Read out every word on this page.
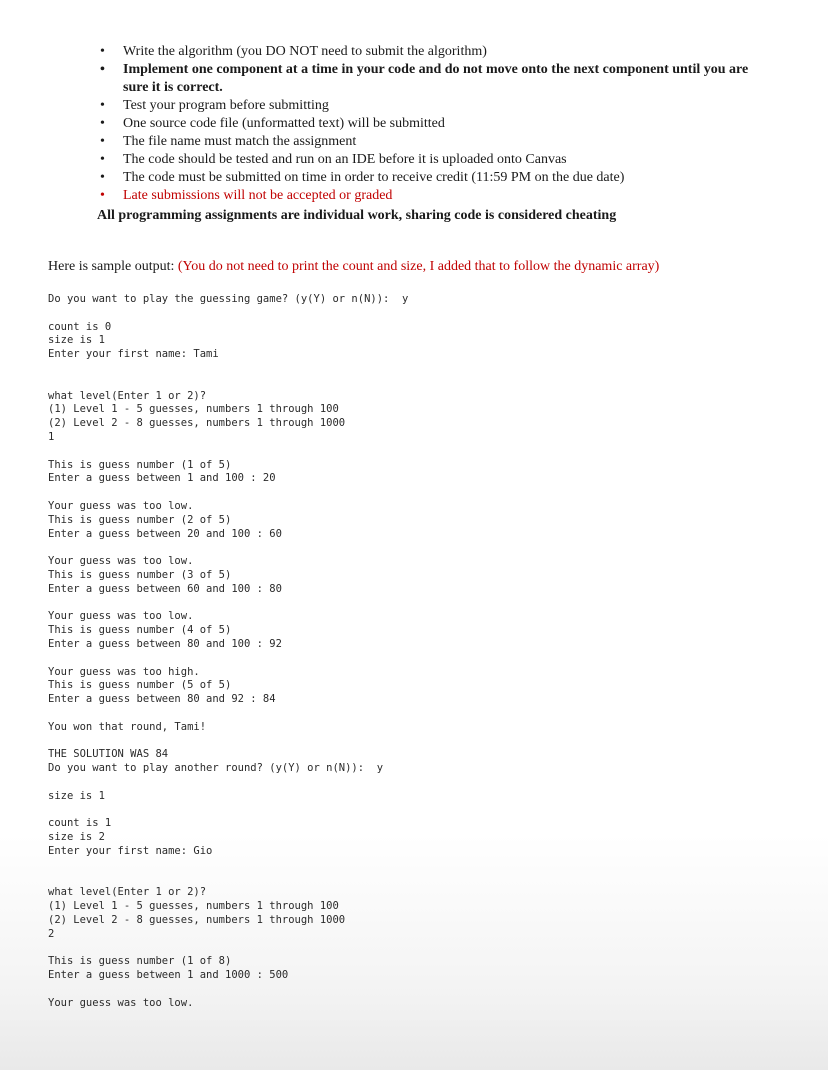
•	Write the algorithm (you DO NOT need to submit the algorithm)
•	Implement one component at a time in your code and do not move onto the next component until you are sure it is correct.
•	Test your program before submitting
•	One source code file (unformatted text) will be submitted
•	The file name must match the assignment
•	The code should be tested and run on an IDE before it is uploaded onto Canvas
•	The code must be submitted on time in order to receive credit (11:59 PM on the due date)
•	Late submissions will not be accepted or graded
All programming assignments are individual work, sharing code is considered cheating
Here is sample output: (You do not need to print the count and size, I added that to follow the dynamic array)
Do you want to play the guessing game? (y(Y) or n(N)):  y
count is 0
size is 1
Enter your first name: Tami
what level(Enter 1 or 2)?
(1) Level 1 - 5 guesses, numbers 1 through 100
(2) Level 2 - 8 guesses, numbers 1 through 1000
1
This is guess number (1 of 5)
Enter a guess between 1 and 100 : 20
Your guess was too low.
This is guess number (2 of 5)
Enter a guess between 20 and 100 : 60
Your guess was too low.
This is guess number (3 of 5)
Enter a guess between 60 and 100 : 80
Your guess was too low.
This is guess number (4 of 5)
Enter a guess between 80 and 100 : 92
Your guess was too high.
This is guess number (5 of 5)
Enter a guess between 80 and 92 : 84
You won that round, Tami!
THE SOLUTION WAS 84
Do you want to play another round? (y(Y) or n(N)):  y
size is 1
count is 1
size is 2
Enter your first name: Gio
what level(Enter 1 or 2)?
(1) Level 1 - 5 guesses, numbers 1 through 100
(2) Level 2 - 8 guesses, numbers 1 through 1000
2
This is guess number (1 of 8)
Enter a guess between 1 and 1000 : 500
Your guess was too low.
